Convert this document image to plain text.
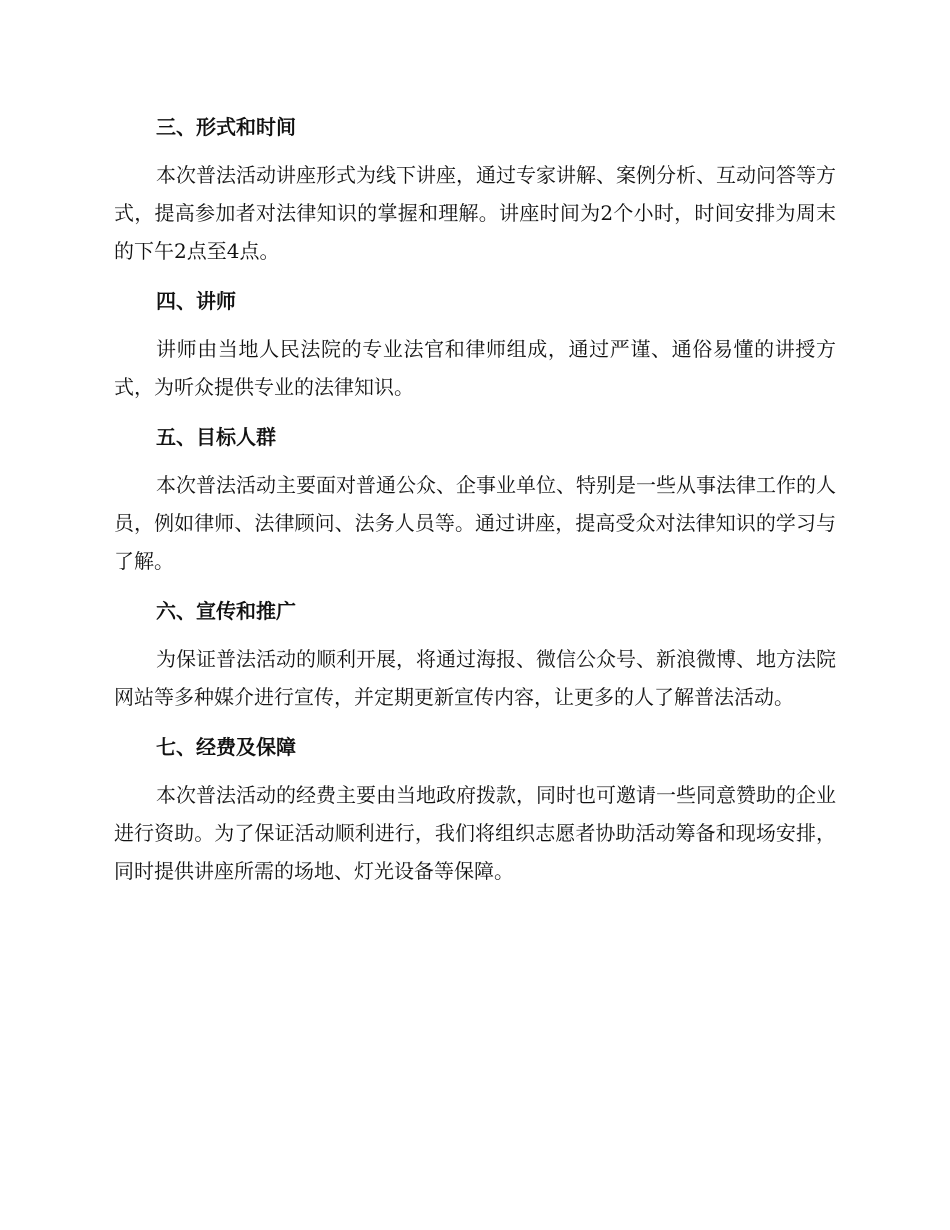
三、形式和时间

本次普法活动讲座形式为线下讲座，通过专家讲解、案例分析、互动问答等方式，提高参加者对法律知识的掌握和理解。讲座时间为2个小时，时间安排为周末的下午2点至4点。

四、讲师

讲师由当地人民法院的专业法官和律师组成，通过严谨、通俗易懂的讲授方式，为听众提供专业的法律知识。

五、目标人群

本次普法活动主要面对普通公众、企事业单位、特别是一些从事法律工作的人员，例如律师、法律顾问、法务人员等。通过讲座，提高受众对法律知识的学习与了解。

六、宣传和推广

为保证普法活动的顺利开展，将通过海报、微信公众号、新浪微博、地方法院网站等多种媒介进行宣传，并定期更新宣传内容，让更多的人了解普法活动。

七、经费及保障

本次普法活动的经费主要由当地政府拨款，同时也可邀请一些同意赞助的企业进行资助。为了保证活动顺利进行，我们将组织志愿者协助活动筹备和现场安排，同时提供讲座所需的场地、灯光设备等保障。
